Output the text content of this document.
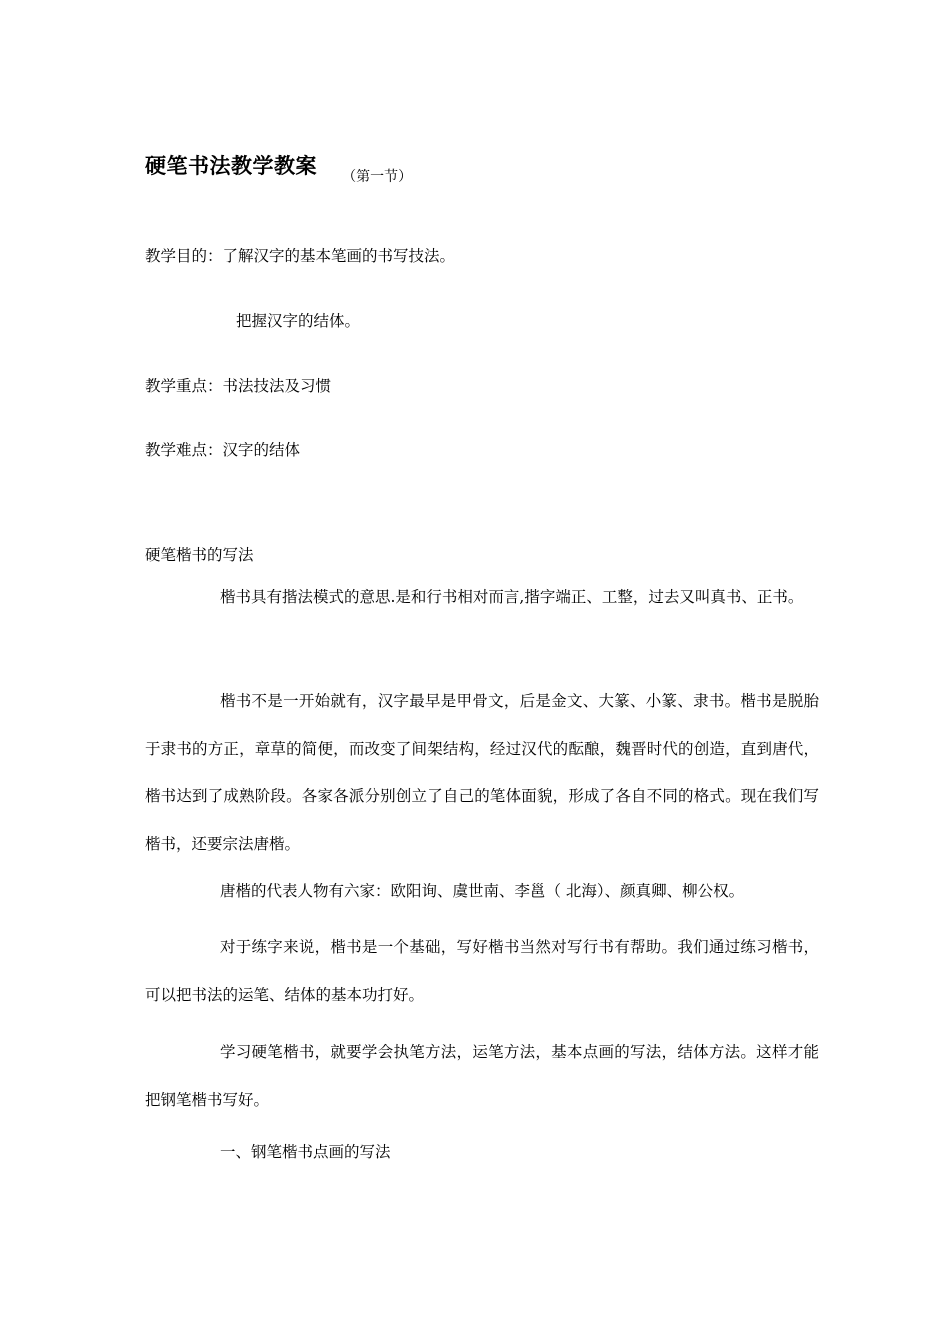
硬笔书法教学教案 （第一节）
教学目的：了解汉字的基本笔画的书写技法。
把握汉字的结体。
教学重点：书法技法及习惯
教学难点：汉字的结体
硬笔楷书的写法

楷书具有揩法模式的意思.是和行书相对而言,揩字端正、工整，过去又叫真书、正书。

楷书不是一开始就有，汉字最早是甲骨文，后是金文、大篆、小篆、隶书。楷书是脱胎于隶书的方正，章草的简便，而改变了间架结构，经过汉代的酝酿，魏晋时代的创造，直到唐代，楷书达到了成熟阶段。各家各派分别创立了自己的笔体面貌，形成了各自不同的格式。现在我们写楷书，还要宗法唐楷。

唐楷的代表人物有六家：欧阳询、虞世南、李邕（ 北海）、颜真卿、柳公权。

对于练字来说，楷书是一个基础，写好楷书当然对写行书有帮助。我们通过练习楷书，可以把书法的运笔、结体的基本功打好。

学习硬笔楷书，就要学会执笔方法，运笔方法，基本点画的写法，结体方法。这样才能把钢笔楷书写好。

一、钢笔楷书点画的写法
